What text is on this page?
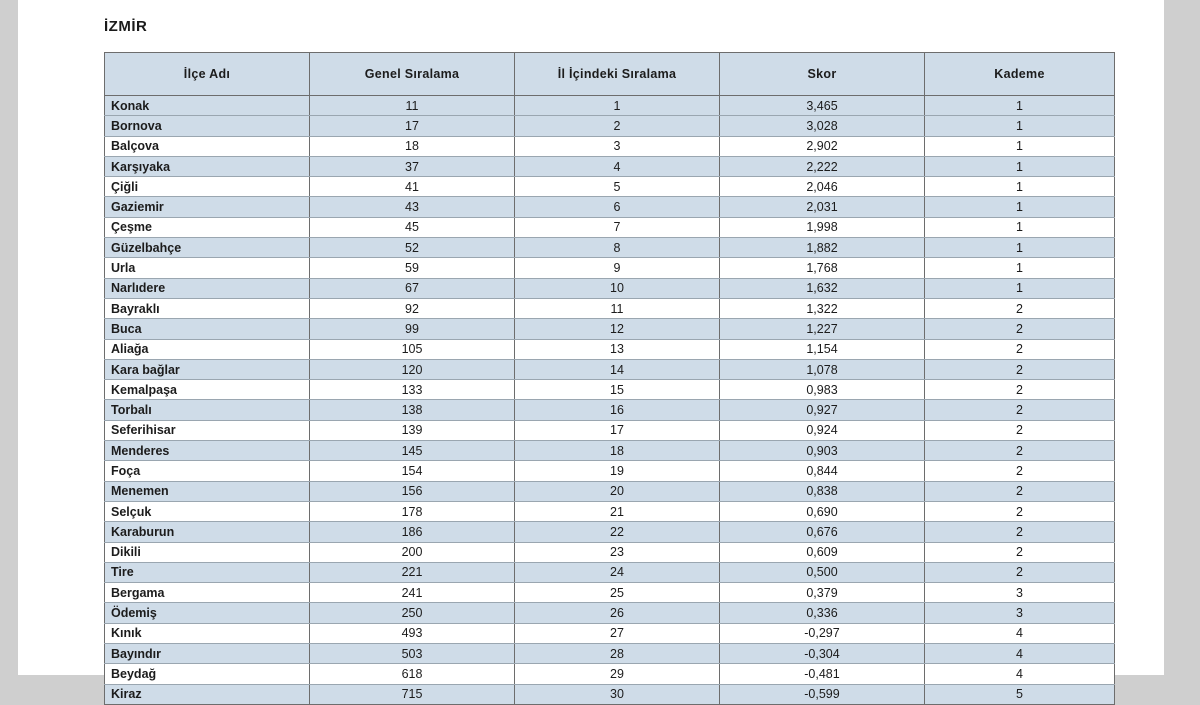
İZMİR
İlçe Adı	Genel Sıralama	İl İçindeki Sıralama	Skor	Kademe
Konak	11	1	3,465	1
Bornova	17	2	3,028	1
Balçova	18	3	2,902	1
Karşıyaka	37	4	2,222	1
Çiğli	41	5	2,046	1
Gaziemir	43	6	2,031	1
Çeşme	45	7	1,998	1
Güzelbahçe	52	8	1,882	1
Urla	59	9	1,768	1
Narlıdere	67	10	1,632	1
Bayraklı	92	11	1,322	2
Buca	99	12	1,227	2
Aliağa	105	13	1,154	2
Kara bağlar	120	14	1,078	2
Kemalpaşa	133	15	0,983	2
Torbalı	138	16	0,927	2
Seferihisar	139	17	0,924	2
Menderes	145	18	0,903	2
Foça	154	19	0,844	2
Menemen	156	20	0,838	2
Selçuk	178	21	0,690	2
Karaburun	186	22	0,676	2
Dikili	200	23	0,609	2
Tire	221	24	0,500	2
Bergama	241	25	0,379	3
Ödemiş	250	26	0,336	3
Kınık	493	27	-0,297	4
Bayındır	503	28	-0,304	4
Beydağ	618	29	-0,481	4
Kiraz	715	30	-0,599	5
